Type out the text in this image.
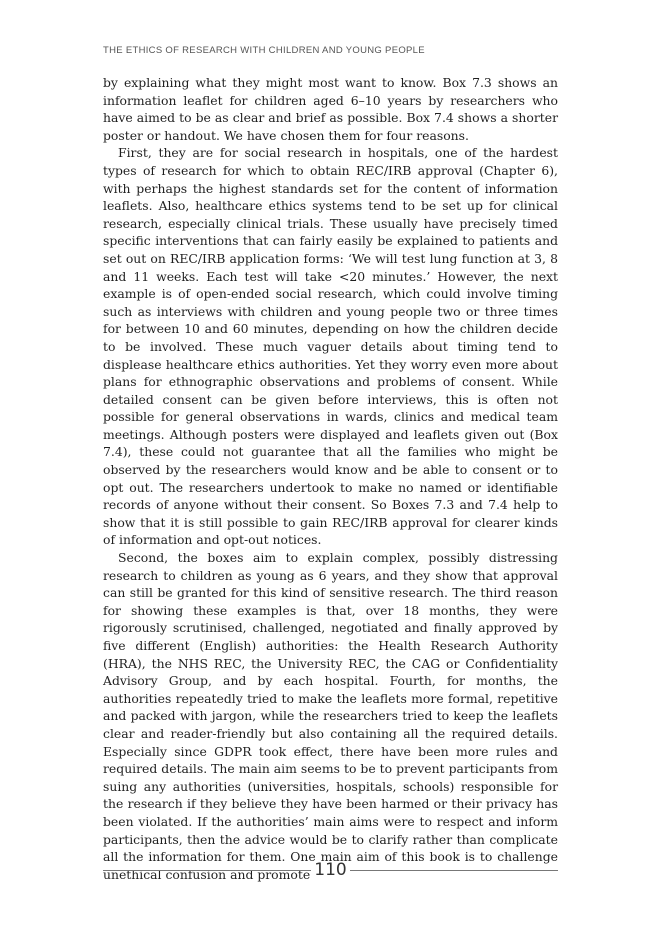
THE ETHICS OF RESEARCH WITH CHILDREN AND YOUNG PEOPLE

by explaining what they might most want to know. Box 7.3 shows an information leaflet for children aged 6–10 years by researchers who have aimed to be as clear and brief as possible. Box 7.4 shows a shorter poster or handout. We have chosen them for four reasons.

First, they are for social research in hospitals, one of the hardest types of research for which to obtain REC/IRB approval (Chapter 6), with perhaps the highest standards set for the content of information leaflets. Also, healthcare ethics systems tend to be set up for clinical research, especially clinical trials. These usually have precisely timed specific interventions that can fairly easily be explained to patients and set out on REC/IRB application forms: ‘We will test lung function at 3, 8 and 11 weeks. Each test will take <20 minutes.’ However, the next example is of open-ended social research, which could involve timing such as interviews with children and young people two or three times for between 10 and 60 minutes, depending on how the children decide to be involved. These much vaguer details about timing tend to displease healthcare ethics authorities. Yet they worry even more about plans for ethnographic observations and problems of consent. While detailed consent can be given before interviews, this is often not possible for general observations in wards, clinics and medical team meetings. Although posters were displayed and leaflets given out (Box 7.4), these could not guarantee that all the families who might be observed by the researchers would know and be able to consent or to opt out. The researchers undertook to make no named or identifiable records of anyone without their consent. So Boxes 7.3 and 7.4 help to show that it is still possible to gain REC/IRB approval for clearer kinds of information and opt-out notices.

Second, the boxes aim to explain complex, possibly distressing research to children as young as 6 years, and they show that approval can still be granted for this kind of sensitive research. The third reason for showing these examples is that, over 18 months, they were rigorously scrutinised, challenged, negotiated and finally approved by five different (English) authorities: the Health Research Authority (HRA), the NHS REC, the University REC, the CAG or Confidentiality Advisory Group, and by each hospital. Fourth, for months, the authorities repeatedly tried to make the leaflets more formal, repetitive and packed with jargon, while the researchers tried to keep the leaflets clear and reader-friendly but also containing all the required details. Especially since GDPR took effect, there have been more rules and required details. The main aim seems to be to prevent participants from suing any authorities (universities, hospitals, schools) responsible for the research if they believe they have been harmed or their privacy has been violated. If the authorities’ main aims were to respect and inform participants, then the advice would be to clarify rather than complicate all the information for them. One main aim of this book is to challenge unethical confusion and promote 110
